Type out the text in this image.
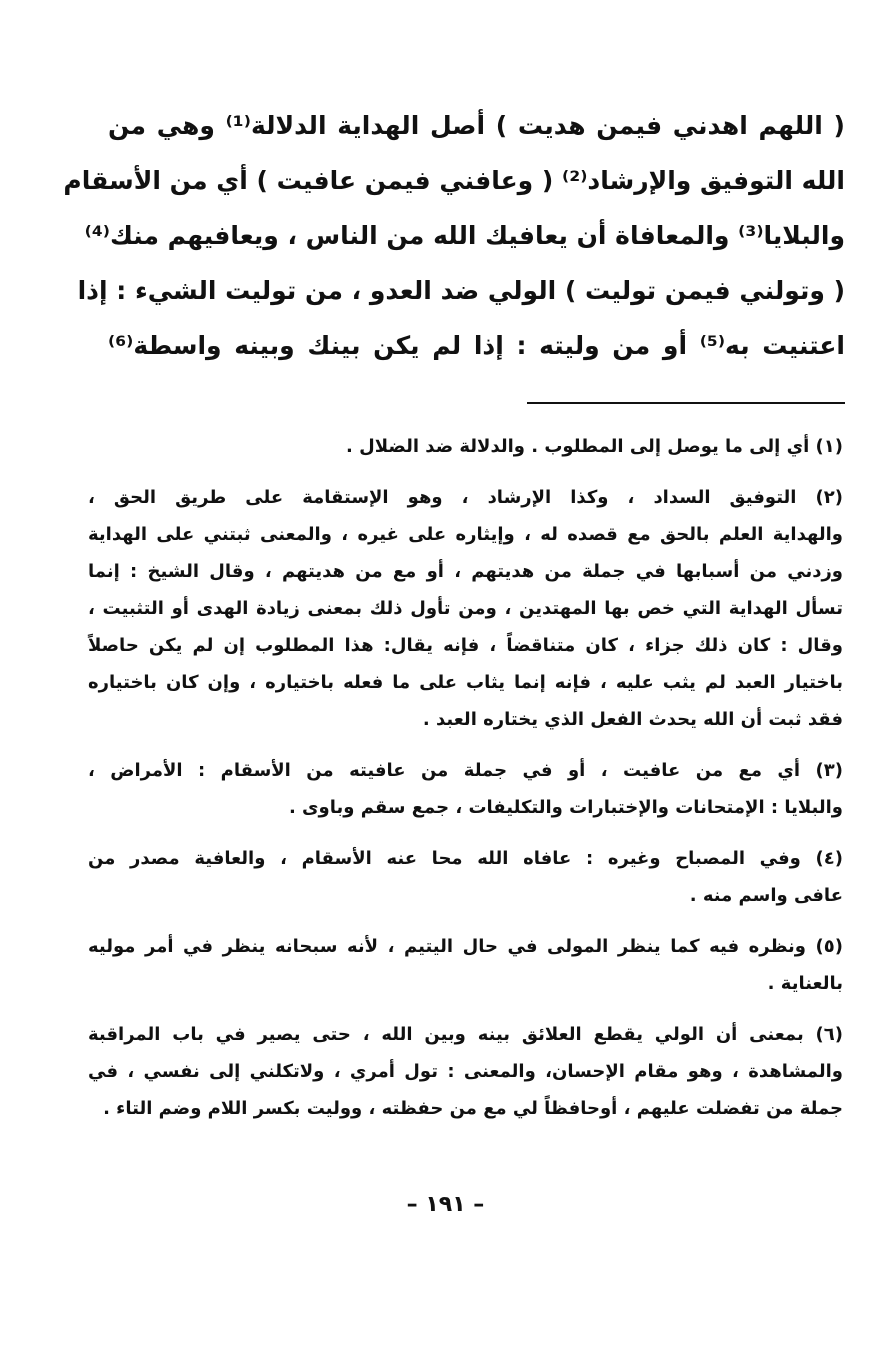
( اللهم اهدني فيمن هديت ) أصل الهداية الدلالة⁽¹⁾ وهي من
الله التوفيق والإرشاد⁽²⁾ ( وعافني فيمن عافيت ) أي من الأسقام
والبلايا⁽³⁾ والمعافاة أن يعافيك الله من الناس ، ويعافيهم منك⁽⁴⁾
( وتولني فيمن توليت ) الولي ضد العدو ، من توليت الشيء : إذا
اعتنيت به⁽⁵⁾ أو من وليته : إذا لم يكن بينك وبينه واسطة⁽⁶⁾
(١) أي إلى ما يوصل إلى المطلوب . والدلالة ضد الضلال .
(٢) التوفيق السداد ، وكذا الإرشاد ، وهو الإستقامة على طريق الحق ،
والهداية العلم بالحق مع قصده له ، وإيثاره على غيره ، والمعنى ثبتني على الهداية
وزدني من أسبابها في جملة من هديتهم ، أو مع من هديتهم ، وقال الشيخ : إنما
تسأل الهداية التي خص بها المهتدين ، ومن تأول ذلك بمعنى زيادة الهدى أو التثبيت ،
وقال : كان ذلك جزاء ، كان متناقضاً ، فإنه يقال: هذا المطلوب إن لم يكن حاصلاً
باختيار العبد لم يثب عليه ، فإنه إنما يثاب على ما فعله باختياره ، وإن كان باختياره
فقد ثبت أن الله يحدث الفعل الذي يختاره العبد .
(٣) أي مع من عافيت ، أو في جملة من عافيته من الأسقام : الأمراض ،
والبلايا : الإمتحانات والإختبارات والتكليفات ، جمع سقم وباوى .
(٤) وفي المصباح وغيره : عافاه الله محا عنه الأسقام ، والعافية مصدر من
عافى واسم منه .
(٥) ونظره فيه كما ينظر المولى في حال اليتيم ، لأنه سبحانه ينظر في أمر موليه
بالعناية .
(٦) بمعنى أن الولي يقطع العلائق بينه وبين الله ، حتى يصير في باب المراقبة
والمشاهدة ، وهو مقام الإحسان، والمعنى : تول أمري ، ولاتكلني إلى نفسي ، في
جملة من تفضلت عليهم ، أوحافظاً لي مع من حفظته ، ووليت بكسر اللام وضم التاء .
– ١٩١ –
